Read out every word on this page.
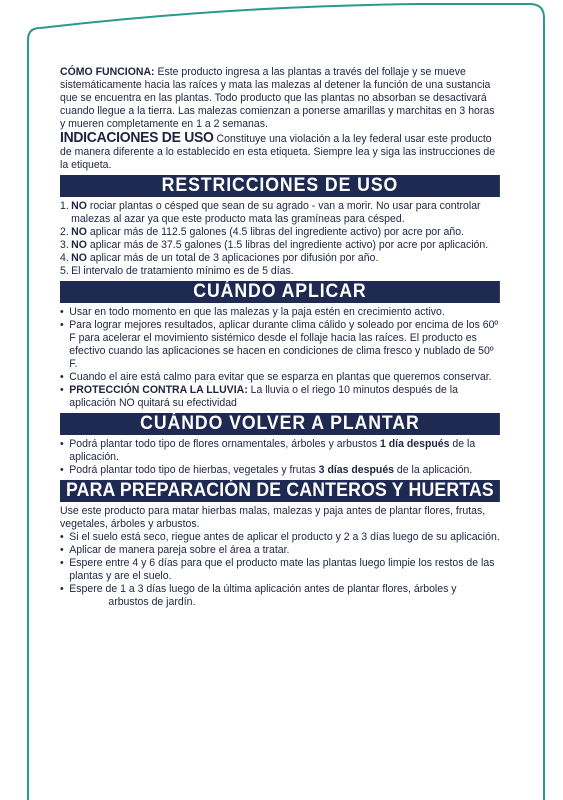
CÓMO FUNCIONA: Este producto ingresa a las plantas a través del follaje y se mueve sistemáticamente hacia las raíces y mata las malezas al detener la función de una sustancia que se encuentra en las plantas. Todo producto que las plantas no absorban se desactivará cuando llegue a la tierra. Las malezas comienzan a ponerse amarillas y marchitas en 3 horas y mueren completamente en 1 a 2 semanas.

INDICACIONES DE USO Constituye una violación a la ley federal usar este producto de manera diferente a lo establecido en esta etiqueta. Siempre lea y siga las instrucciones de la etiqueta.

RESTRICCIONES DE USO
1. NO rociar plantas o césped que sean de su agrado - van a morir. No usar para controlar malezas al azar ya que este producto mata las gramíneas para césped.
2. NO aplicar más de 112.5 galones (4.5 libras del ingrediente activo) por acre por año.
3. NO aplicar más de 37.5 galones (1.5 libras del ingrediente activo) por acre por aplicación.
4. NO aplicar más de un total de 3 aplicaciones por difusión por año.
5. El intervalo de tratamiento mínimo es de 5 días.
CUÁNDO APLICAR
• Usar en todo momento en que las malezas y la paja estén en crecimiento activo.
• Para lograr mejores resultados, aplicar durante clima cálido y soleado por encima de los 60º F para acelerar el movimiento sistémico desde el follaje hacia las raíces. El producto es efectivo cuando las aplicaciones se hacen en condiciones de clima fresco y nublado de 50º F.
• Cuando el aire está calmo para evitar que se esparza en plantas que queremos conservar.
• PROTECCIÓN CONTRA LA LLUVIA: La lluvia o el riego 10 minutos después de la aplicación NO quitará su efectividad
CUÁNDO VOLVER A PLANTAR
• Podrá plantar todo tipo de flores ornamentales, árboles y arbustos 1 día después de la aplicación.
• Podrá plantar todo tipo de hierbas, vegetales y frutas 3 días después de la aplicación.
PARA PREPARACIÓN DE CANTEROS Y HUERTAS

Use este producto para matar hierbas malas, malezas y paja antes de plantar flores, frutas, vegetales, árboles y arbustos.

• Si el suelo está seco, riegue antes de aplicar el producto y 2 a 3 días luego de su aplicación.
• Aplicar de manera pareja sobre el área a tratar.
• Espere entre 4 y 6 días para que el producto mate las plantas luego limpie los restos de las plantas y are el suelo.
• Espere de 1 a 3 días luego de la última aplicación antes de plantar flores, árboles y
arbustos de jardín.
